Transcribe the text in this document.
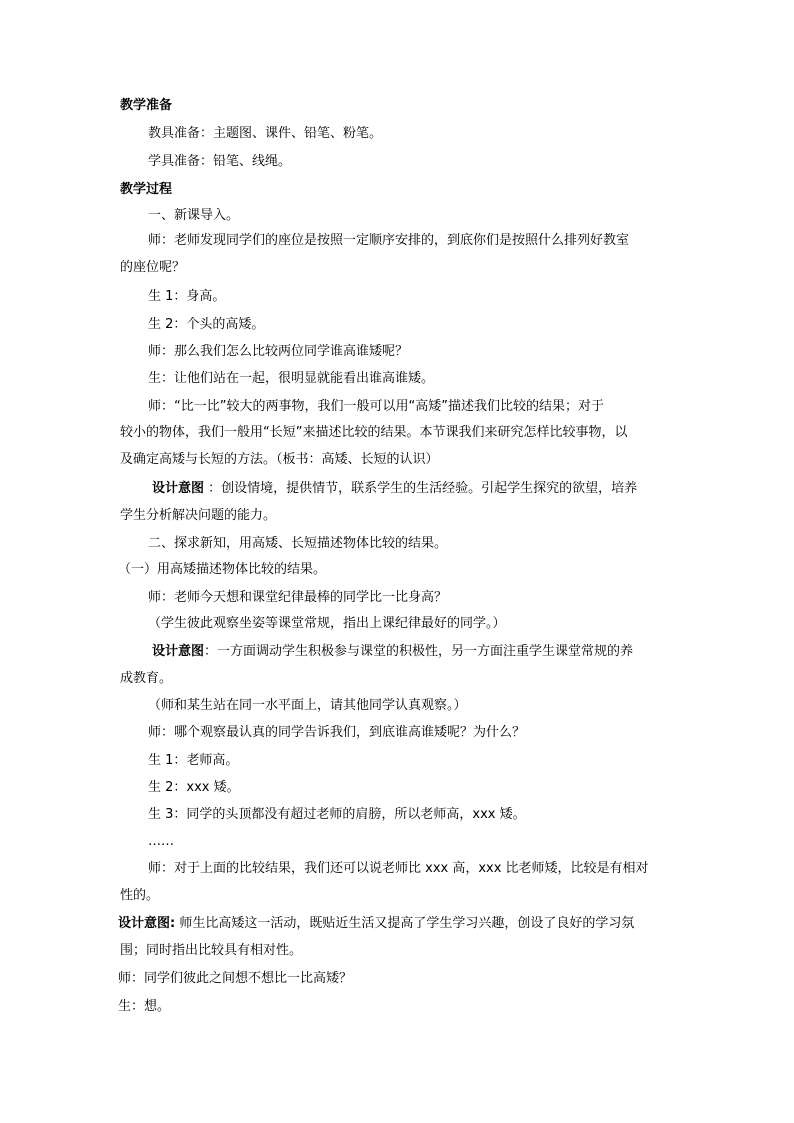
教学准备
教具准备：主题图、课件、铅笔、粉笔。
学具准备：铅笔、线绳。
教学过程
一、新课导入。
师：老师发现同学们的座位是按照一定顺序安排的，到底你们是按照什么排列好教室
的座位呢？
生 1：身高。
生 2：个头的高矮。
师：那么我们怎么比较两位同学谁高谁矮呢？
生：让他们站在一起，很明显就能看出谁高谁矮。
师：“比一比”较大的两事物，我们一般可以用“高矮”描述我们比较的结果；对于
较小的物体，我们一般用“长短”来描述比较的结果。本节课我们来研究怎样比较事物，以
及确定高矮与长短的方法。（板书：高矮、长短的认识）
设计意图 ：创设情境，提供情节，联系学生的生活经验。引起学生探究的欲望，培养
学生分析解决问题的能力。
二、探求新知，用高矮、长短描述物体比较的结果。
（一）用高矮描述物体比较的结果。
师：老师今天想和课堂纪律最棒的同学比一比身高？
（学生彼此观察坐姿等课堂常规，指出上课纪律最好的同学。）
设计意图：一方面调动学生积极参与课堂的积极性，另一方面注重学生课堂常规的养
成教育。
（师和某生站在同一水平面上，请其他同学认真观察。）
师：哪个观察最认真的同学告诉我们，到底谁高谁矮呢？为什么？
生 1：老师高。
生 2：xxx 矮。
生 3：同学的头顶都没有超过老师的肩膀，所以老师高，xxx 矮。
……
师：对于上面的比较结果，我们还可以说老师比 xxx 高，xxx 比老师矮，比较是有相对
性的。
设计意图: 师生比高矮这一活动，既贴近生活又提高了学生学习兴趣，创设了良好的学习氛
围；同时指出比较具有相对性。
师：同学们彼此之间想不想比一比高矮？
生：想。
